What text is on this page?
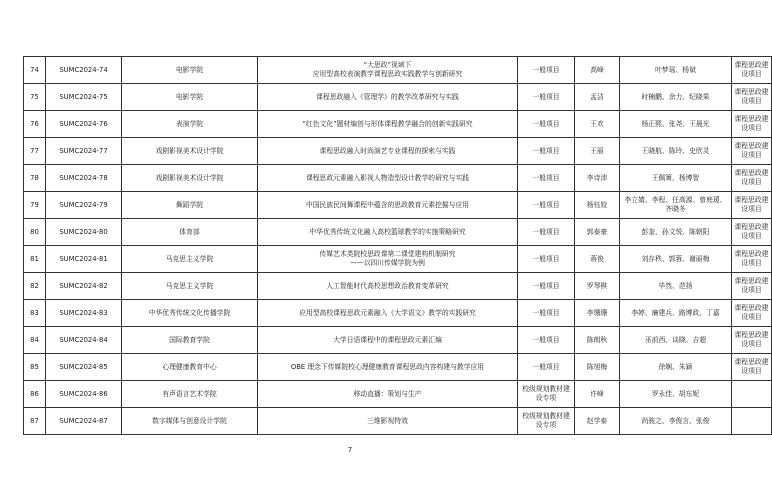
74	SUMC2024-74	电影学院	“大思政”视域下
应用型高校表演教学课程思政实践教学与创新研究	一般项目	高峰	叶梦瑶、杨斌	课程思政建设项目
75	SUMC2024-75	电影学院	课程思政融入《管理学》的教学改革研究与实践	一般项目	孟洁	时楠鹏、余力、纪晓果	课程思政建设项目
76	SUMC2024-76	表演学院	“红色文化”题材编创与形体课程教学融合的创新实践研究	一般项目	王欢	杨正熙、张尧、王晨光	课程思政建设项目
77	SUMC2024-77	戏剧影视美术设计学院	课程思政融入时尚演艺专业课程的探索与实践	一般项目	王丽	王晓航、陈玲、史欣灵	课程思政建设项目
78	SUMC2024-78	戏剧影视美术设计学院	课程思政元素融入影视人物造型设计教学的研究与实践	一般项目	李诗沛	王佩箐、杨博智	课程思政建设项目
79	SUMC2024-79	舞蹈学院	中国民族民间舞课程中蕴含的思政教育元素挖掘与应用	一般项目	杨钰姣	李立婧、李程、任高源、曾庭瑗、齐晓冬	课程思政建设项目
80	SUMC2024-80	体育部	中华优秀传统文化融入高校篮球教学的实施策略研究	一般项目	郭泰豪	彭奎、孙文悦、陈朝阳	课程思政建设项目
81	SUMC2024-81	马克思主义学院	传媒艺术类院校思政课第二课堂建构机制研究
——以四川传媒学院为例	一般项目	蒋俊	刘存秩、郭蓉、谢丽梅	课程思政建设项目
82	SUMC2024-82	马克思主义学院	人工智能时代高校思想政治教育变革研究	一般项目	罗琴棋	毕然、范扬	课程思政建设项目
83	SUMC2024-83	中华优秀传统文化传播学院	应用型高校课程思政元素融入《大学语文》教学的实践研究	一般项目	李珊珊	李婷、廉建兵、路博政、丁嘉	课程思政建设项目
84	SUMC2024-84	国际教育学院	大学日语课程中的课程思政元素汇编	一般项目	陈朗秋	巫前西、谈晓、吉超	课程思政建设项目
85	SUMC2024-85	心理健康教育中心	OBE 理念下传媒院校心理健康教育课程思政内容构建与教学应用	一般项目	陈旭梅	徐娴、朱颖	课程思政建设项目
86	SUMC2024-86	有声语言艺术学院	移动直播：策划与生产	校级规划教材建设专项	许峰	罗永佳、胡东妮	
87	SUMC2024-87	数字媒体与创意设计学院	三维影视特效	校级规划教材建设专项	赵学泰	尚骏之、李俊言、张俊	
7
